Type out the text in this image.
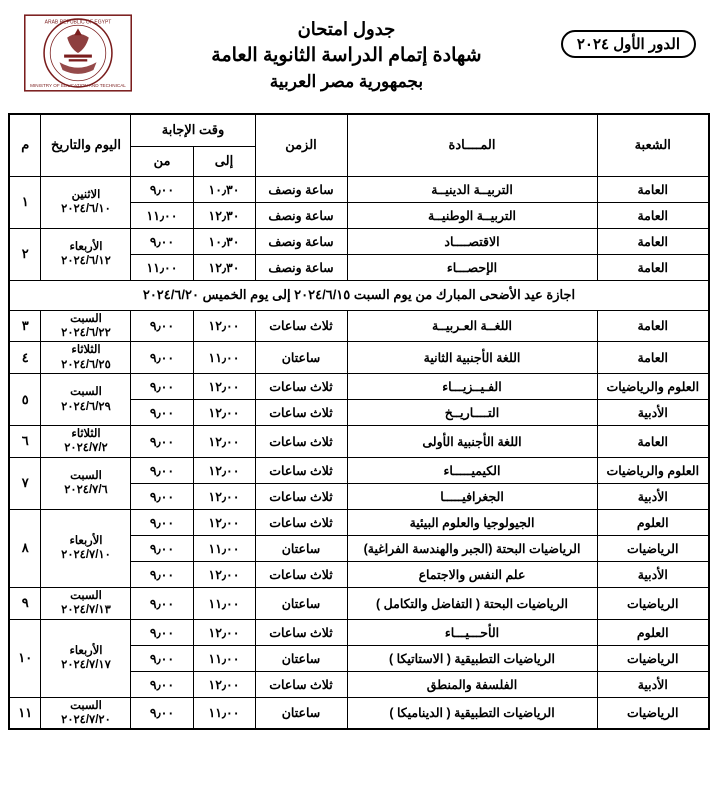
الدور الأول ٢٠٢٤
جدول امتحان
شهادة إتمام الدراسة الثانوية العامة
بجمهورية مصر العربية
ARAB REPUBLIC OF EGYPT
MINISTRY OF EDUCATION AND TECHNICAL
الشعبة	المــــادة	الزمن	وقت الإجابة		اليوم والتاريخ	م
			إلى	من		
العامة	التربيــة الدينيــة	ساعة ونصف	١٠٫٣٠	٩٫٠٠	الاثنين
٢٠٢٤/٦/١٠	١
العامة	التربيــة الوطنيــة	ساعة ونصف	١٢٫٣٠	١١٫٠٠		
العامة	الاقتصــــاد	ساعة ونصف	١٠٫٣٠	٩٫٠٠	الأربعاء
٢٠٢٤/٦/١٢	٢
العامة	الإحصـــاء	ساعة ونصف	١٢٫٣٠	١١٫٠٠		
اجازة عيد الأضحى المبارك من يوم السبت ٢٠٢٤/٦/١٥ إلى يوم الخميس ٢٠٢٤/٦/٢٠						
العامة	اللغــة العـربيــة	ثلاث ساعات	١٢٫٠٠	٩٫٠٠	السبت
٢٠٢٤/٦/٢٢	٣
العامة	اللغة الأجنبية الثانية	ساعتان	١١٫٠٠	٩٫٠٠	الثلاثاء
٢٠٢٤/٦/٢٥	٤
العلوم والرياضيات	الفـيــزيـــاء	ثلاث ساعات	١٢٫٠٠	٩٫٠٠	السبت
٢٠٢٤/٦/٢٩	٥
الأدبية	التــــاريــخ	ثلاث ساعات	١٢٫٠٠	٩٫٠٠		
العامة	اللغة الأجنبية الأولى	ثلاث ساعات	١٢٫٠٠	٩٫٠٠	الثلاثاء
٢٠٢٤/٧/٢	٦
العلوم والرياضيات	الكيميـــــاء	ثلاث ساعات	١٢٫٠٠	٩٫٠٠	السبت
٢٠٢٤/٧/٦	٧
الأدبية	الجغرافيـــــا	ثلاث ساعات	١٢٫٠٠	٩٫٠٠		
العلوم	الجيولوجيا والعلوم البيئية	ثلاث ساعات	١٢٫٠٠	٩٫٠٠	الأربعاء
٢٠٢٤/٧/١٠	٨
الرياضيات	الرياضيات البحتة (الجبر والهندسة الفراغية)	ساعتان	١١٫٠٠	٩٫٠٠		
الأدبية	علم النفس والاجتماع	ثلاث ساعات	١٢٫٠٠	٩٫٠٠		
الرياضيات	الرياضيات البحتة ( التفاضل والتكامل )	ساعتان	١١٫٠٠	٩٫٠٠	السبت
٢٠٢٤/٧/١٣	٩
العلوم	الأحـــيـــاء	ثلاث ساعات	١٢٫٠٠	٩٫٠٠	الأربعاء
٢٠٢٤/٧/١٧	١٠
الرياضيات	الرياضيات التطبيقية ( الاستاتيكا )	ساعتان	١١٫٠٠	٩٫٠٠		
الأدبية	الفلسفة والمنطق	ثلاث ساعات	١٢٫٠٠	٩٫٠٠		
الرياضيات	الرياضيات التطبيقية ( الديناميكا )	ساعتان	١١٫٠٠	٩٫٠٠	السبت
٢٠٢٤/٧/٢٠	١١
